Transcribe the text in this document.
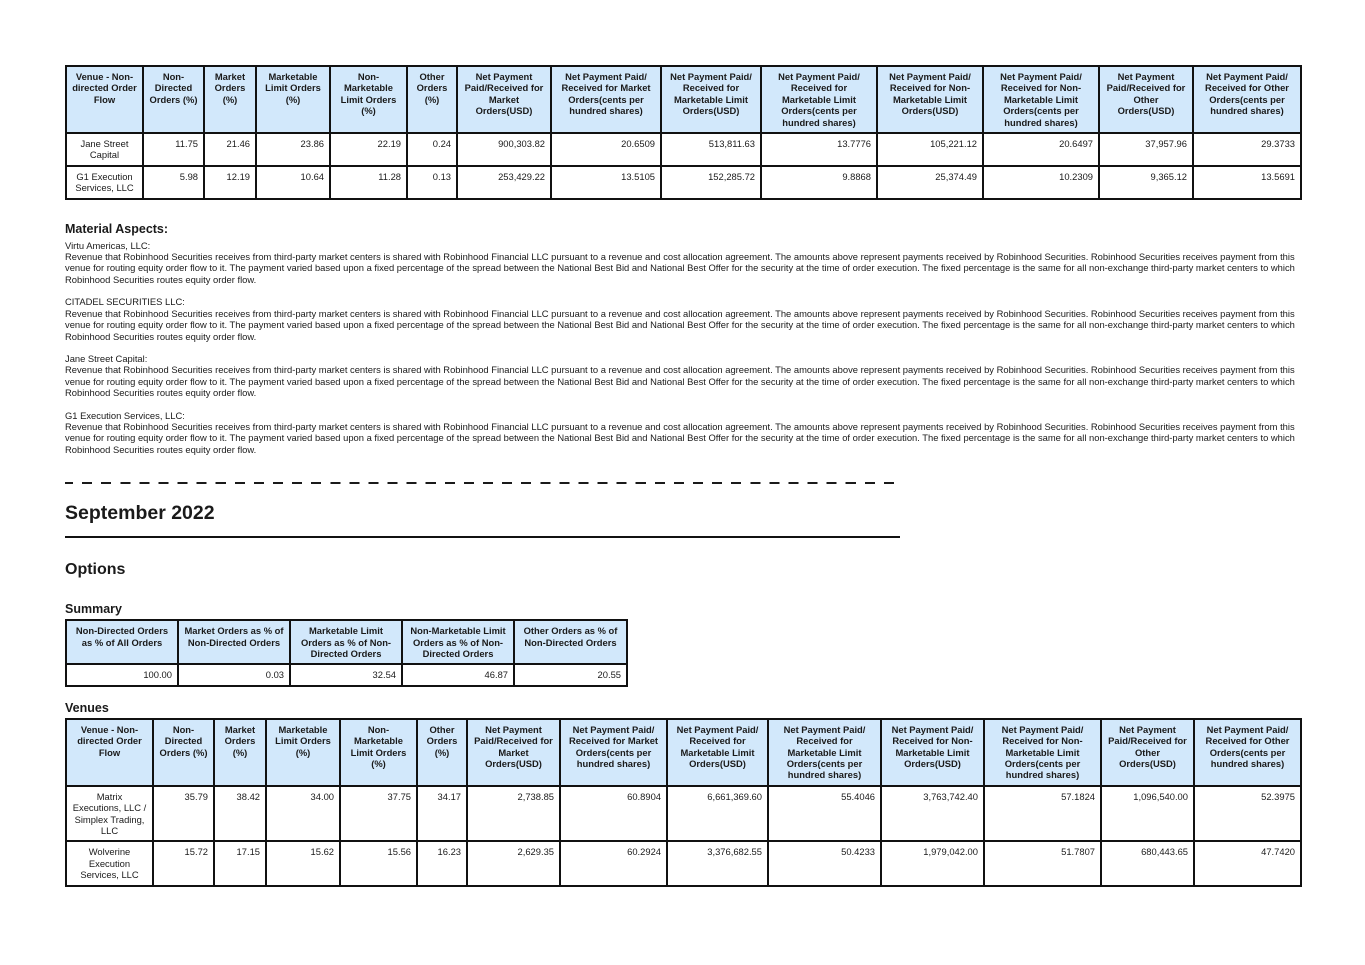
Venue - Non-directed Order Flow	Non-Directed Orders (%)	Market Orders (%)	Marketable Limit Orders (%)	Non-Marketable Limit Orders (%)	Other Orders (%)	Net Payment Paid/Received for Market Orders(USD)	Net Payment Paid/ Received for Market Orders(cents per hundred shares)	Net Payment Paid/ Received for Marketable Limit Orders(USD)	Net Payment Paid/ Received for Marketable Limit Orders(cents per hundred shares)	Net Payment Paid/ Received for Non-Marketable Limit Orders(USD)	Net Payment Paid/ Received for Non-Marketable Limit Orders(cents per hundred shares)	Net Payment Paid/Received for Other Orders(USD)	Net Payment Paid/ Received for Other Orders(cents per hundred shares)
Jane Street Capital	11.75	21.46	23.86	22.19	0.24	900,303.82	20.6509	513,811.63	13.7776	105,221.12	20.6497	37,957.96	29.3733
G1 Execution Services, LLC	5.98	12.19	10.64	11.28	0.13	253,429.22	13.5105	152,285.72	9.8868	25,374.49	10.2309	9,365.12	13.5691
Material Aspects:

Virtu Americas, LLC:

Revenue that Robinhood Securities receives from third-party market centers is shared with Robinhood Financial LLC pursuant to a revenue and cost allocation agreement. The amounts above represent payments received by Robinhood Securities. Robinhood Securities receives payment from this venue for routing equity order flow to it. The payment varied based upon a fixed percentage of the spread between the National Best Bid and National Best Offer for the security at the time of order execution. The fixed percentage is the same for all non-exchange third-party market centers to which Robinhood Securities routes equity order flow.

CITADEL SECURITIES LLC:

Revenue that Robinhood Securities receives from third-party market centers is shared with Robinhood Financial LLC pursuant to a revenue and cost allocation agreement. The amounts above represent payments received by Robinhood Securities. Robinhood Securities receives payment from this venue for routing equity order flow to it. The payment varied based upon a fixed percentage of the spread between the National Best Bid and National Best Offer for the security at the time of order execution. The fixed percentage is the same for all non-exchange third-party market centers to which Robinhood Securities routes equity order flow.

Jane Street Capital:

Revenue that Robinhood Securities receives from third-party market centers is shared with Robinhood Financial LLC pursuant to a revenue and cost allocation agreement. The amounts above represent payments received by Robinhood Securities. Robinhood Securities receives payment from this venue for routing equity order flow to it. The payment varied based upon a fixed percentage of the spread between the National Best Bid and National Best Offer for the security at the time of order execution. The fixed percentage is the same for all non-exchange third-party market centers to which Robinhood Securities routes equity order flow.

G1 Execution Services, LLC:

Revenue that Robinhood Securities receives from third-party market centers is shared with Robinhood Financial LLC pursuant to a revenue and cost allocation agreement. The amounts above represent payments received by Robinhood Securities. Robinhood Securities receives payment from this venue for routing equity order flow to it. The payment varied based upon a fixed percentage of the spread between the National Best Bid and National Best Offer for the security at the time of order execution. The fixed percentage is the same for all non-exchange third-party market centers to which Robinhood Securities routes equity order flow.

September 2022
Options
Summary
Non-Directed Orders as % of All Orders	Market Orders as % of Non-Directed Orders	Marketable Limit Orders as % of Non-Directed Orders	Non-Marketable Limit Orders as % of Non-Directed Orders	Other Orders as % of Non-Directed Orders
100.00	0.03	32.54	46.87	20.55
Venues
Venue - Non-directed Order Flow	Non-Directed Orders (%)	Market Orders (%)	Marketable Limit Orders (%)	Non-Marketable Limit Orders (%)	Other Orders (%)	Net Payment Paid/Received for Market Orders(USD)	Net Payment Paid/ Received for Market Orders(cents per hundred shares)	Net Payment Paid/ Received for Marketable Limit Orders(USD)	Net Payment Paid/ Received for Marketable Limit Orders(cents per hundred shares)	Net Payment Paid/ Received for Non-Marketable Limit Orders(USD)	Net Payment Paid/ Received for Non-Marketable Limit Orders(cents per hundred shares)	Net Payment Paid/Received for Other Orders(USD)	Net Payment Paid/ Received for Other Orders(cents per hundred shares)
Matrix Executions, LLC / Simplex Trading, LLC	35.79	38.42	34.00	37.75	34.17	2,738.85	60.8904	6,661,369.60	55.4046	3,763,742.40	57.1824	1,096,540.00	52.3975
Wolverine Execution Services, LLC	15.72	17.15	15.62	15.56	16.23	2,629.35	60.2924	3,376,682.55	50.4233	1,979,042.00	51.7807	680,443.65	47.7420
